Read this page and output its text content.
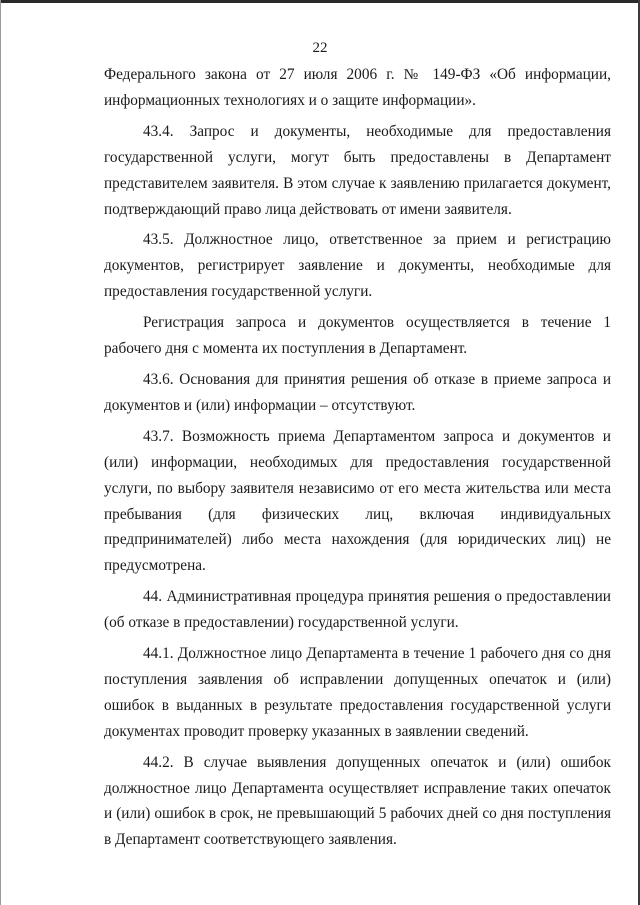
22

Федерального закона от 27 июля 2006 г. № 149-ФЗ «Об информации, информационных технологиях и о защите информации».

43.4. Запрос и документы, необходимые для предоставления государственной услуги, могут быть предоставлены в Департамент представителем заявителя. В этом случае к заявлению прилагается документ, подтверждающий право лица действовать от имени заявителя.

43.5. Должностное лицо, ответственное за прием и регистрацию документов, регистрирует заявление и документы, необходимые для предоставления государственной услуги.

Регистрация запроса и документов осуществляется в течение 1 рабочего дня с момента их поступления в Департамент.

43.6. Основания для принятия решения об отказе в приеме запроса и документов и (или) информации – отсутствуют.

43.7. Возможность приема Департаментом запроса и документов и (или) информации, необходимых для предоставления государственной услуги, по выбору заявителя независимо от его места жительства или места пребывания (для физических лиц, включая индивидуальных предпринимателей) либо места нахождения (для юридических лиц) не предусмотрена.

44. Административная процедура принятия решения о предоставлении (об отказе в предоставлении) государственной услуги.

44.1. Должностное лицо Департамента в течение 1 рабочего дня со дня поступления заявления об исправлении допущенных опечаток и (или) ошибок в выданных в результате предоставления государственной услуги документах проводит проверку указанных в заявлении сведений.

44.2. В случае выявления допущенных опечаток и (или) ошибок должностное лицо Департамента осуществляет исправление таких опечаток и (или) ошибок в срок, не превышающий 5 рабочих дней со дня поступления в Департамент соответствующего заявления.
